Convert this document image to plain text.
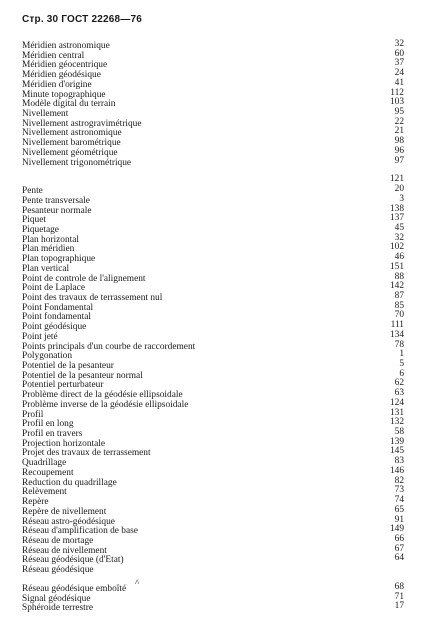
Стр. 30 ГОСТ 22268—76
Méridien astronomique	32
Méridien central	60
Méridien géocentrique	37
Méridien géodésique	24
Méridien d'origine	41
Minute topographique	112
Modèle digital du terrain	103
Nivellement	95
Nivellement astrogravimétrique	22
Nivellement astronomique	21
Nivellement barométrique	98
Nivellement géométrique	96
Nivellement trigonométrique	97
121
Pente	20
Pente transversale	3
Pesanteur normale	138
Piquet	137
Piquetage	45
Plan horizontal	32
Plan méridien	102
Plan topographique	46
Plan vertical	151
Point de controle de l'alignement	88
Point de Laplace	142
Point des travaux de terrassement nul	87
Point Fondamental	85
Point fondamental	70
Point géodésique	111
Point jeté	134
Points principals d'un courbe de raccordement	78
Polygonation	1
Potentiel de la pesanteur	5
Potentiel de la pesanteur normal	6
Potentiel perturbateur	62
Problème direct de la géodésie ellipsoidale	63
Problème inverse de la géodésie ellipsoidale	124
Profil	131
Profil en long	132
Profil en travers	58
Projection horizontale	139
Projet des travaux de terrassement	145
Quadrillage	83
Recoupement	146
Reduction du quadrillage	82
Relèvement	73
Repère	74
Repère de nivellement	65
Réseau astro-géodésique	91
Réseau d'amplification de base	149
Réseau de mortage	66
Réseau de nivellement	67
Réseau géodésique (d'Etat)	64
Réseau géodésique
Réseau géodésique emboîté	68
^
Signal géodésique	71
Sphéroide terrestre	17
